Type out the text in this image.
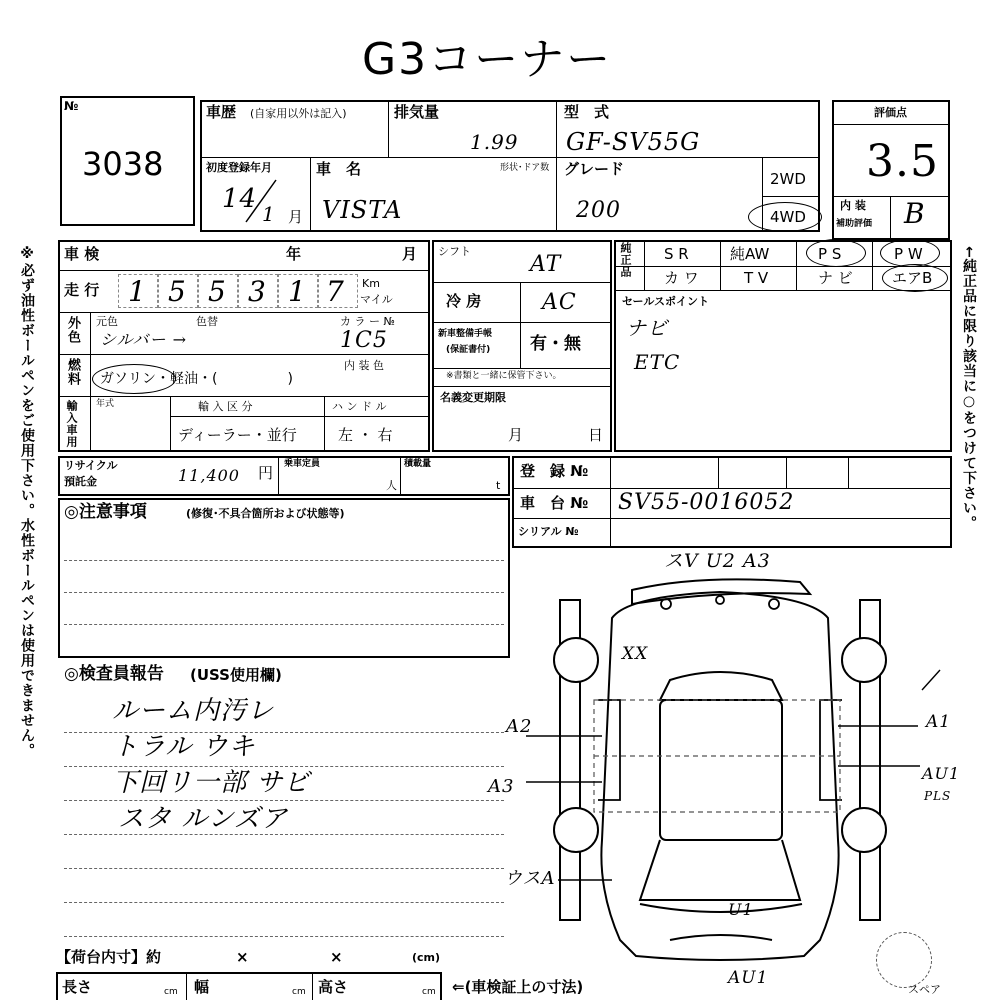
G3コーナー
№
3038
車歴 (自家用以外は記入)	排気量
1.99
型　式
GF-SV55G
初度登録年月
14 1 月
車　名
VISTA
形状･ドア数 グレード
200
2WD
4WD
評価点
3.5
内 装
補助評価 B
車 検	年	月
走 行 1 5 5 3 1 7 Km
マイル
外色 元色	色替
シルバー →
カ ラ ー №
1C5
燃料 ガソリン・軽油・(　　　　　)
内 装 色
輸入車用 年式	輸 入 区 分
ディーラー・並行
ハ ン ド ル
左 ・ 右
シフト
AT
冷 房	AC
新車整備手帳
(保証書付) 有・無
※書類と一緒に保管下さい。
名義変更期限
月	日
純正品 S R	純AW	P S	P W
カ ワ	T V	ナ ビ	エアB
セールスポイント
ナビ
ETC
リサイクル
預託金	11,400 円 乗車定員
人
積載量
t
登　録 №
車　台 № SV55-0016052
シリアル №
◎注意事項	(修復･不具合箇所および状態等)
◎検査員報告 (USS使用欄)
ルーム内汚レ
トラル ウキ
下回リ一部 サビ
スタ ルンズア
【荷台内寸】約	×	×	(cm)
長さ	cm 幅	cm 高さ	cm ⇐(車検証上の寸法)
※必ず油性ボールペンをご使用下さい。水性ボールペンは使用できません。	←純正品に限り該当に○をつけて下さい。
スV U2 A3
XX
A2
A3
ウスA
A1
AU1
PLS
U1
AU1
スペア
